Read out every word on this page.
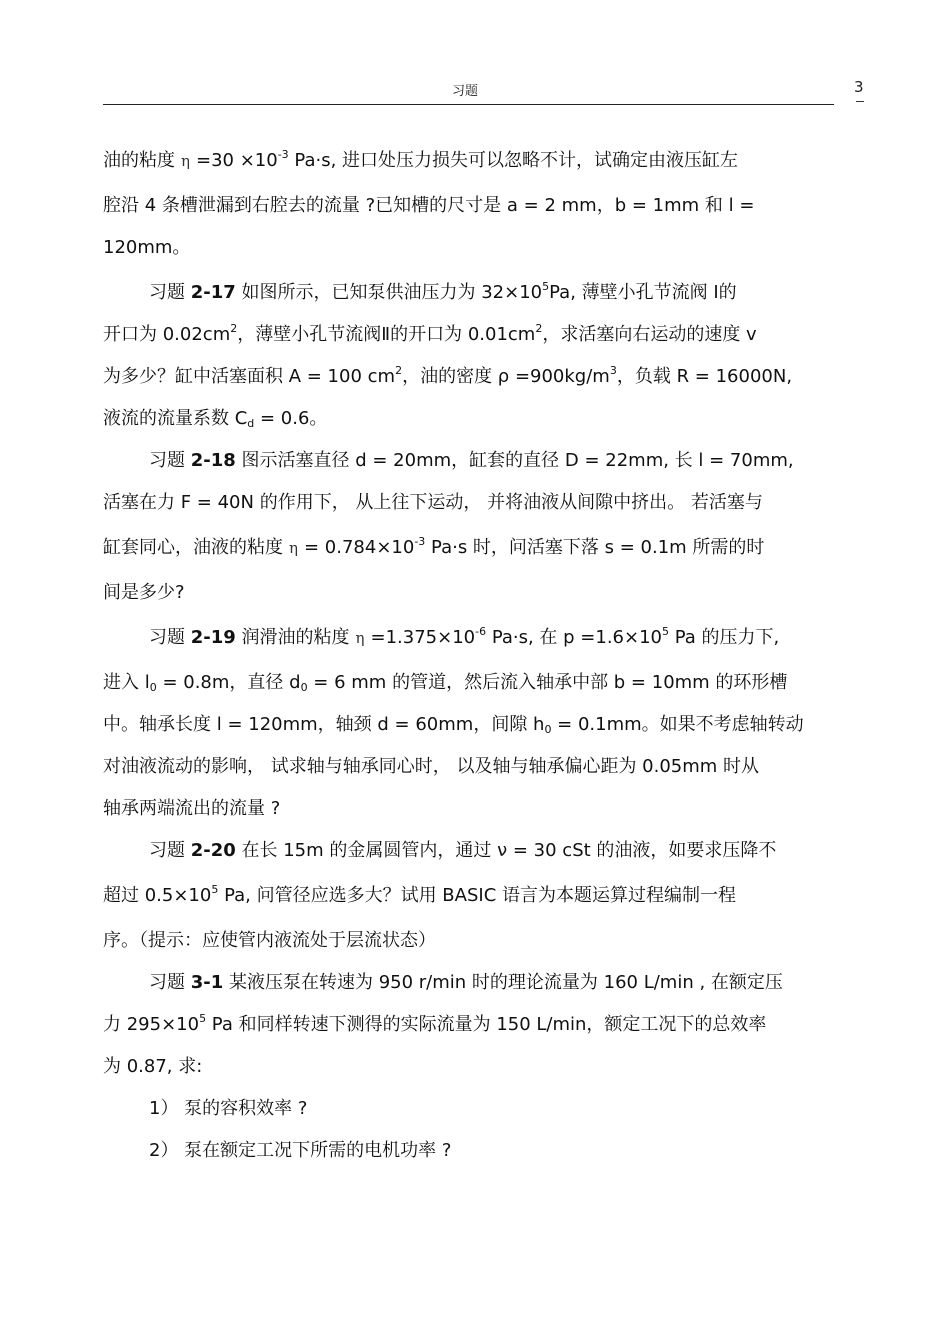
习题	3
油的粘度 $\eta =30 \times 10^{-3}$ Pa·s, 进口处压力损失可以忽略不计，试确定由液压缸左
腔沿 4 条槽泄漏到右腔去的流量 ?已知槽的尺寸是 a = 2 mm，b = 1mm 和 l =
120mm。
习题 2-17 如图所示，已知泵供油压力为 $32\times 10^5Pa$, 薄壁小孔节流阀 Ⅰ的
开口为 $0.02cm^2$，薄壁小孔节流阀Ⅱ的开口为 $0.01cm^2$，求活塞向右运动的速度 v
为多少？缸中活塞面积 A = 100 $cm^2$，油的密度 $\rho =900kg/m^3$，负载 R = 16000N,
液流的流量系数 $C_d = 0.6$。
习题 2-18 图示活塞直径 d = 20mm，缸套的直径 D = 22mm, 长 l = 70mm,
活塞在力 F = 40N 的作用下， 从上往下运动， 并将油液从间隙中挤出。 若活塞与
缸套同心，油液的粘度 $\eta = 0.784\times 10^{-3}$ Pa·s 时，问活塞下落 s = 0.1m 所需的时
间是多少?
习题 2-19 润滑油的粘度 $\eta =1.375\times 10^{-6}$ Pa·s, 在 $p =1.6\times 10^5$ Pa 的压力下,
进入 $l_0 = 0.8m$，直径 $d_0 = 6$ mm 的管道，然后流入轴承中部 b = 10mm 的环形槽
中。轴承长度 l = 120mm，轴颈 d = 60mm，间隙 $h_0 = 0.1mm$。如果不考虑轴转动
对油液流动的影响， 试求轴与轴承同心时， 以及轴与轴承偏心距为 0.05mm 时从
轴承两端流出的流量 ?
习题 2-20 在长 15m 的金属圆管内，通过 ν = 30 cSt 的油液，如要求压降不
超过 $0.5\times 10^5$ Pa, 问管径应选多大？试用 BASIC 语言为本题运算过程编制一程
序。（提示：应使管内液流处于层流状态）
习题 3-1 某液压泵在转速为 950 r/min 时的理论流量为 160 L/min , 在额定压
力 $295\times 10^5$ Pa 和同样转速下测得的实际流量为 150 L/min，额定工况下的总效率
为 0.87, 求:
1） 泵的容积效率 ?
2） 泵在额定工况下所需的电机功率 ?
